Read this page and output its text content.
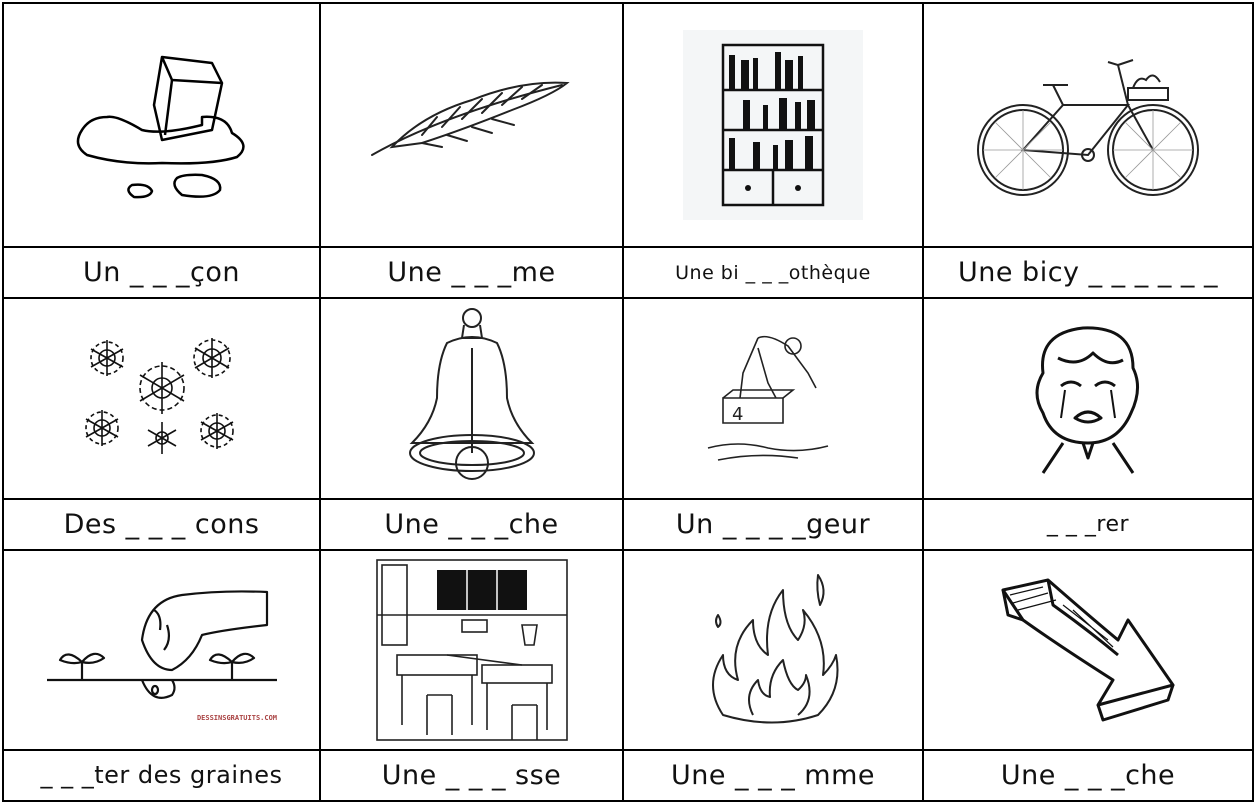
Un _ _ _çon	Une _ _ _me	Une bi _ _ _othèque	Une bicy _ _ _ _ _ _

4

Des _ _ _ cons	Une _ _ _che	Un _ _ _ _geur	_ _ _rer

DESSINSGRATUITS.COM

_ _ _ter des graines	Une _ _ _ sse	Une _ _ _ mme	Une _ _ _che
